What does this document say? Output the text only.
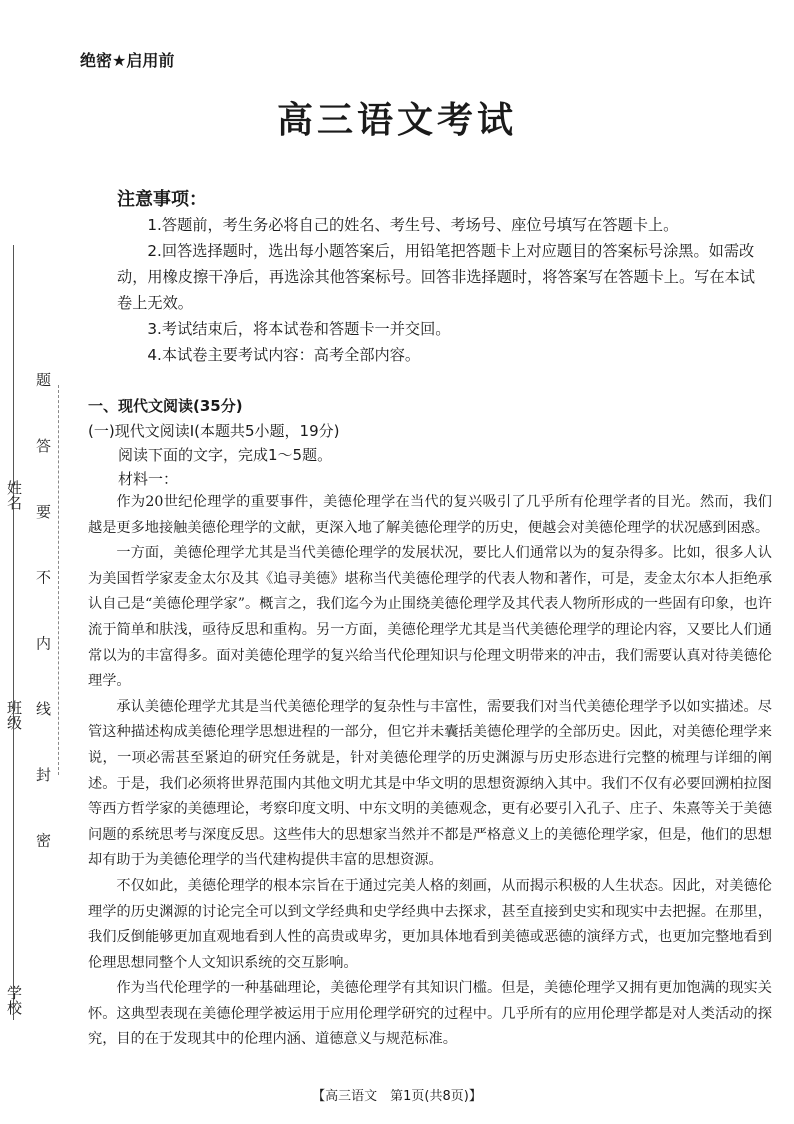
姓名
班级
学校
题 答 要 不 内 线 封 密
绝密★启用前
高三语文考试
注意事项：

1.答题前，考生务必将自己的姓名、考生号、考场号、座位号填写在答题卡上。

2.回答选择题时，选出每小题答案后，用铅笔把答题卡上对应题目的答案标号涂黑。如需改动，用橡皮擦干净后，再选涂其他答案标号。回答非选择题时，将答案写在答题卡上。写在本试卷上无效。

3.考试结束后，将本试卷和答题卡一并交回。

4.本试卷主要考试内容：高考全部内容。

一、现代文阅读(35分)
(一)现代文阅读Ⅰ(本题共5小题，19分)
阅读下面的文字，完成1～5题。
材料一：

作为20世纪伦理学的重要事件，美德伦理学在当代的复兴吸引了几乎所有伦理学者的目光。然而，我们越是更多地接触美德伦理学的文献，更深入地了解美德伦理学的历史，便越会对美德伦理学的状况感到困惑。

一方面，美德伦理学尤其是当代美德伦理学的发展状况，要比人们通常以为的复杂得多。比如，很多人认为美国哲学家麦金太尔及其《追寻美德》堪称当代美德伦理学的代表人物和著作，可是，麦金太尔本人拒绝承认自己是“美德伦理学家”。概言之，我们迄今为止围绕美德伦理学及其代表人物所形成的一些固有印象，也许流于简单和肤浅，亟待反思和重构。另一方面，美德伦理学尤其是当代美德伦理学的理论内容，又要比人们通常以为的丰富得多。面对美德伦理学的复兴给当代伦理知识与伦理文明带来的冲击，我们需要认真对待美德伦理学。

承认美德伦理学尤其是当代美德伦理学的复杂性与丰富性，需要我们对当代美德伦理学予以如实描述。尽管这种描述构成美德伦理学思想进程的一部分，但它并未囊括美德伦理学的全部历史。因此，对美德伦理学来说，一项必需甚至紧迫的研究任务就是，针对美德伦理学的历史渊源与历史形态进行完整的梳理与详细的阐述。于是，我们必须将世界范围内其他文明尤其是中华文明的思想资源纳入其中。我们不仅有必要回溯柏拉图等西方哲学家的美德理论，考察印度文明、中东文明的美德观念，更有必要引入孔子、庄子、朱熹等关于美德问题的系统思考与深度反思。这些伟大的思想家当然并不都是严格意义上的美德伦理学家，但是，他们的思想却有助于为美德伦理学的当代建构提供丰富的思想资源。

不仅如此，美德伦理学的根本宗旨在于通过完美人格的刻画，从而揭示积极的人生状态。因此，对美德伦理学的历史渊源的讨论完全可以到文学经典和史学经典中去探求，甚至直接到史实和现实中去把握。在那里，我们反倒能够更加直观地看到人性的高贵或卑劣，更加具体地看到美德或恶德的演绎方式，也更加完整地看到伦理思想同整个人文知识系统的交互影响。

作为当代伦理学的一种基础理论，美德伦理学有其知识门槛。但是，美德伦理学又拥有更加饱满的现实关怀。这典型表现在美德伦理学被运用于应用伦理学研究的过程中。几乎所有的应用伦理学都是对人类活动的探究，目的在于发现其中的伦理内涵、道德意义与规范标准。

【高三语文　第1页(共8页)】
